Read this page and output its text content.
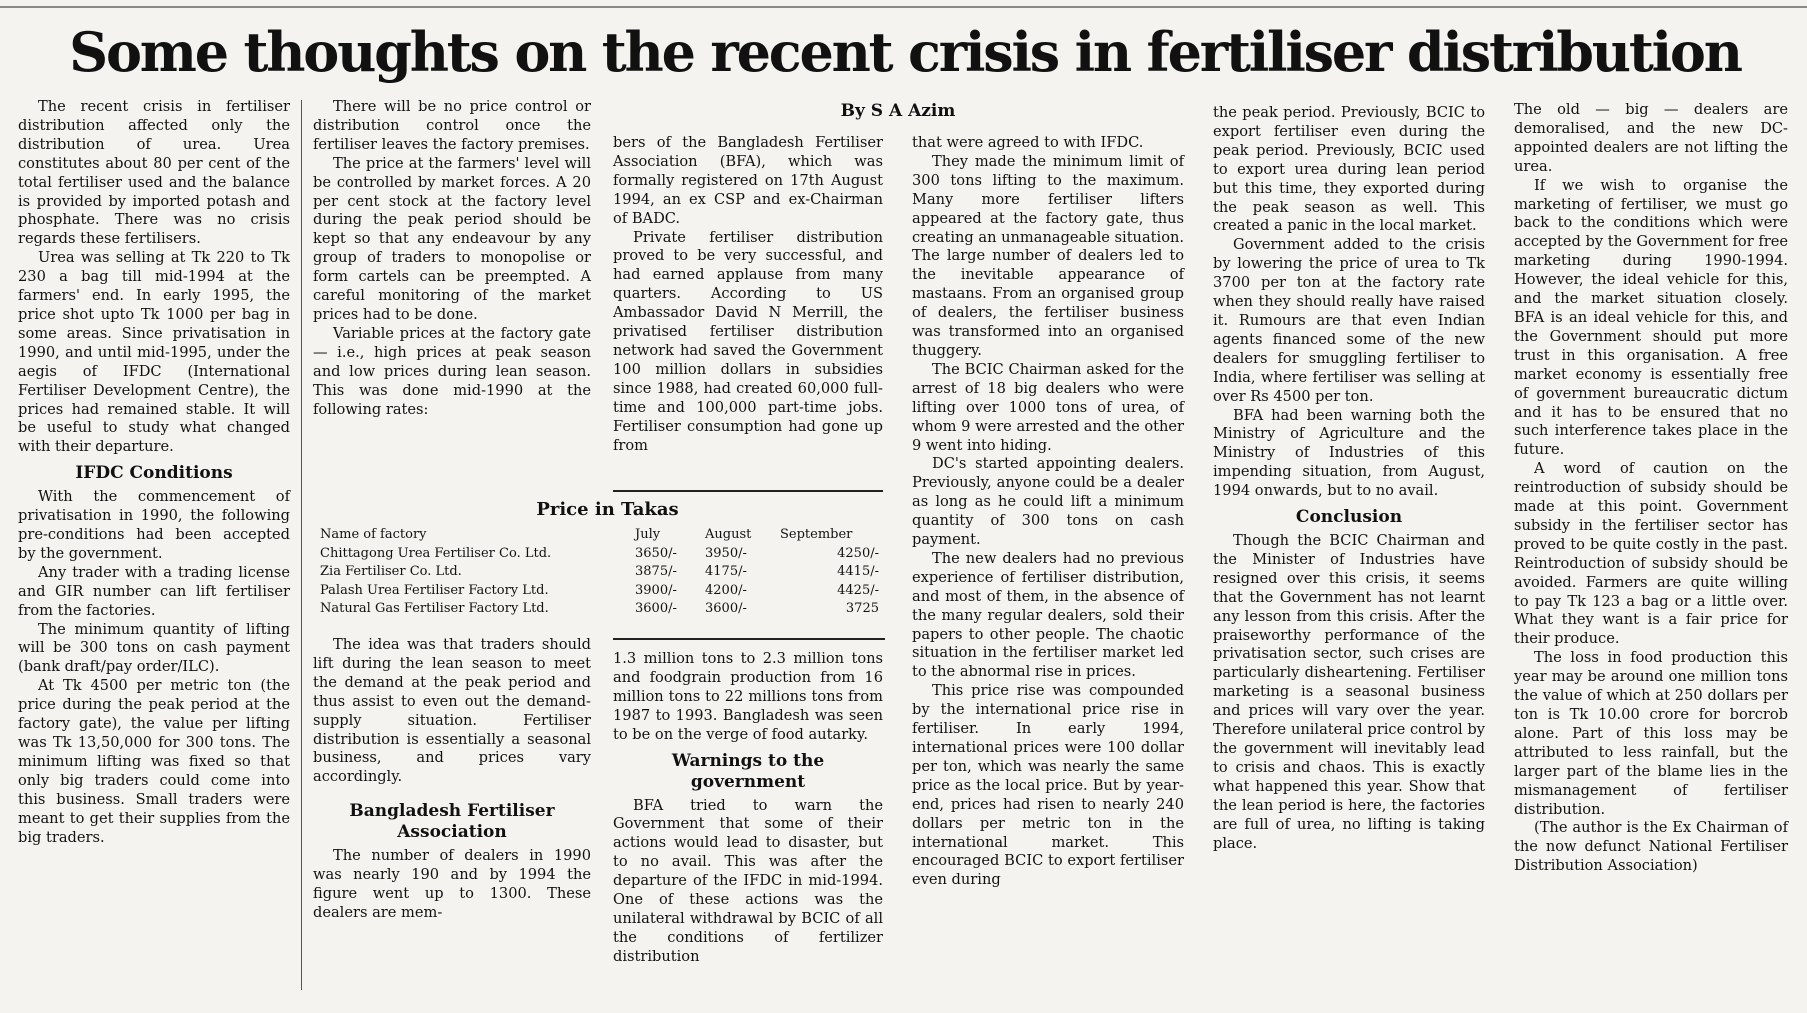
Some thoughts on the recent crisis in fertiliser distribution

The recent crisis in fertiliser distribution affected only the distribution of urea. Urea constitutes about 80 per cent of the total fertiliser used and the balance is provided by imported potash and phosphate. There was no crisis regards these fertilisers.

Urea was selling at Tk 220 to Tk 230 a bag till mid-1994 at the farmers' end. In early 1995, the price shot upto Tk 1000 per bag in some areas. Since privatisation in 1990, and until mid-1995, under the aegis of IFDC (International Fertiliser Development Centre), the prices had remained stable. It will be useful to study what changed with their departure.

IFDC Conditions

With the commencement of privatisation in 1990, the following pre-conditions had been accepted by the government.

Any trader with a trading license and GIR number can lift fertiliser from the factories.

The minimum quantity of lifting will be 300 tons on cash payment (bank draft/pay order/ILC).

At Tk 4500 per metric ton (the price during the peak period at the factory gate), the value per lifting was Tk 13,50,000 for 300 tons. The minimum lifting was fixed so that only big traders could come into this business. Small traders were meant to get their supplies from the big traders.

There will be no price control or distribution control once the fertiliser leaves the factory premises.

The price at the farmers' level will be controlled by market forces. A 20 per cent stock at the factory level during the peak period should be kept so that any endeavour by any group of traders to monopolise or form cartels can be preempted. A careful monitoring of the market prices had to be done.

Variable prices at the factory gate — i.e., high prices at peak season and low prices during lean season. This was done mid-1990 at the following rates:

By S A Azim

bers of the Bangladesh Fertiliser Association (BFA), which was formally registered on 17th August 1994, an ex CSP and ex-Chairman of BADC.

Private fertiliser distribution proved to be very successful, and had earned applause from many quarters. According to US Ambassador David N Merrill, the privatised fertiliser distribution network had saved the Government 100 million dollars in subsidies since 1988, had created 60,000 full-time and 100,000 part-time jobs. Fertiliser consumption had gone up from

Price in Takas
Name of factory	July	August	September
Chittagong Urea Fertiliser Co. Ltd.	3650/-	3950/-	4250/-
Zia Fertiliser Co. Ltd.	3875/-	4175/-	4415/-
Palash Urea Fertiliser Factory Ltd.	3900/-	4200/-	4425/-
Natural Gas Fertiliser Factory Ltd.	3600/-	3600/-	3725

The idea was that traders should lift during the lean season to meet the demand at the peak period and thus assist to even out the demand-supply situation. Fertiliser distribution is essentially a seasonal business, and prices vary accordingly.

Bangladesh Fertiliser Association

The number of dealers in 1990 was nearly 190 and by 1994 the figure went up to 1300. These dealers are mem-

1.3 million tons to 2.3 million tons and foodgrain production from 16 million tons to 22 millions tons from 1987 to 1993. Bangladesh was seen to be on the verge of food autarky.

Warnings to the government

BFA tried to warn the Government that some of their actions would lead to disaster, but to no avail. This was after the departure of the IFDC in mid-1994. One of these actions was the unilateral withdrawal by BCIC of all the conditions of fertilizer distribution

that were agreed to with IFDC.

They made the minimum limit of 300 tons lifting to the maximum. Many more fertiliser lifters appeared at the factory gate, thus creating an unmanageable situation. The large number of dealers led to the inevitable appearance of mastaans. From an organised group of dealers, the fertiliser business was transformed into an organised thuggery.

The BCIC Chairman asked for the arrest of 18 big dealers who were lifting over 1000 tons of urea, of whom 9 were arrested and the other 9 went into hiding.

DC's started appointing dealers. Previously, anyone could be a dealer as long as he could lift a minimum quantity of 300 tons on cash payment.

The new dealers had no previous experience of fertiliser distribution, and most of them, in the absence of the many regular dealers, sold their papers to other people. The chaotic situation in the fertiliser market led to the abnormal rise in prices.

This price rise was compounded by the international price rise in fertiliser. In early 1994, international prices were 100 dollar per ton, which was nearly the same price as the local price. But by year-end, prices had risen to nearly 240 dollars per metric ton in the international market. This encouraged BCIC to export fertiliser even during

the peak period. Previously, BCIC to export fertiliser even during the peak period. Previously, BCIC used to export urea during lean period but this time, they exported during the peak season as well. This created a panic in the local market.

Government added to the crisis by lowering the price of urea to Tk 3700 per ton at the factory rate when they should really have raised it. Rumours are that even Indian agents financed some of the new dealers for smuggling fertiliser to India, where fertiliser was selling at over Rs 4500 per ton.

BFA had been warning both the Ministry of Agriculture and the Ministry of Industries of this impending situation, from August, 1994 onwards, but to no avail.

Conclusion

Though the BCIC Chairman and the Minister of Industries have resigned over this crisis, it seems that the Government has not learnt any lesson from this crisis. After the praiseworthy performance of the privatisation sector, such crises are particularly disheartening. Fertiliser marketing is a seasonal business and prices will vary over the year. Therefore unilateral price control by the government will inevitably lead to crisis and chaos. This is exactly what happened this year. Show that the lean period is here, the factories are full of urea, no lifting is taking place.

The old — big — dealers are demoralised, and the new DC-appointed dealers are not lifting the urea.

If we wish to organise the marketing of fertiliser, we must go back to the conditions which were accepted by the Government for free marketing during 1990-1994. However, the ideal vehicle for this, and the market situation closely. BFA is an ideal vehicle for this, and the Government should put more trust in this organisation. A free market economy is essentially free of government bureaucratic dictum and it has to be ensured that no such interference takes place in the future.

A word of caution on the reintroduction of subsidy should be made at this point. Government subsidy in the fertiliser sector has proved to be quite costly in the past. Reintroduction of subsidy should be avoided. Farmers are quite willing to pay Tk 123 a bag or a little over. What they want is a fair price for their produce.

The loss in food production this year may be around one million tons the value of which at 250 dollars per ton is Tk 10.00 crore for borcrob alone. Part of this loss may be attributed to less rainfall, but the larger part of the blame lies in the mismanagement of fertiliser distribution.

(The author is the Ex Chairman of the now defunct National Fertiliser Distribution Association)
